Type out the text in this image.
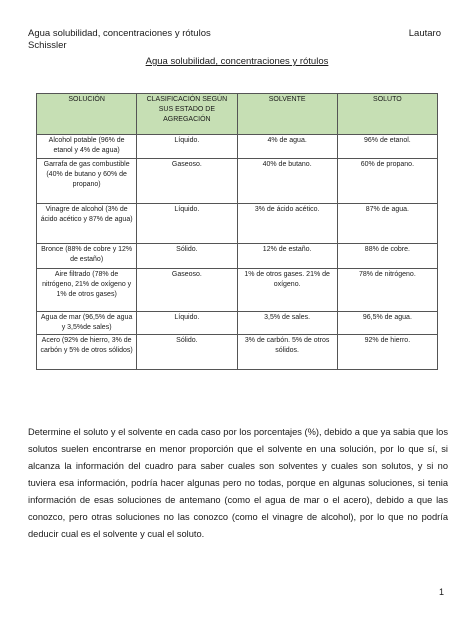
Agua solubilidad, concentraciones y rótulos
Schissler
Lautaro
Agua solubilidad, concentraciones y rótulos
SOLUCIÓN	CLASIFICACIÓN SEGÚN SUS ESTADO DE AGREGACIÓN	SOLVENTE	SOLUTO
Alcohol potable (96% de etanol y 4% de agua)	Líquido.	4% de agua.	96% de etanol.
Garrafa de gas combustible (40% de butano y 60% de propano)	Gaseoso.	40% de butano.	60% de propano.
Vinagre de alcohol (3% de ácido acético y 87% de agua)	Líquido.	3% de ácido acético.	87% de agua.
Bronce (88% de cobre y 12% de estaño)	Sólido.	12% de estaño.	88% de cobre.
Aire filtrado (78% de nitrógeno, 21% de oxígeno y 1% de otros gases)	Gaseoso.	1% de otros gases. 21% de oxígeno.	78% de nitrógeno.
Agua de mar (96,5% de agua y 3,5%de sales)	Líquido.	3,5% de sales.	96,5% de agua.
Acero (92% de hierro, 3% de carbón y 5% de otros sólidos)	Sólido.	3% de carbón. 5% de otros sólidos.	92% de hierro.

Determine el soluto y el solvente en cada caso por los porcentajes (%), debido a que ya sabia que los solutos suelen encontrarse en menor proporción que el solvente en una solución, por lo que sí, si alcanza la información del cuadro para saber cuales son solventes y cuales son solutos, y si no tuviera esa información, podría hacer algunas pero no todas, porque en algunas soluciones, si tenia información de esas soluciones de antemano (como el agua de mar o el acero), debido a que las conozco, pero otras soluciones no las conozco (como el vinagre de alcohol), por lo que no podría deducir cual es el solvente y cual el soluto.

1
